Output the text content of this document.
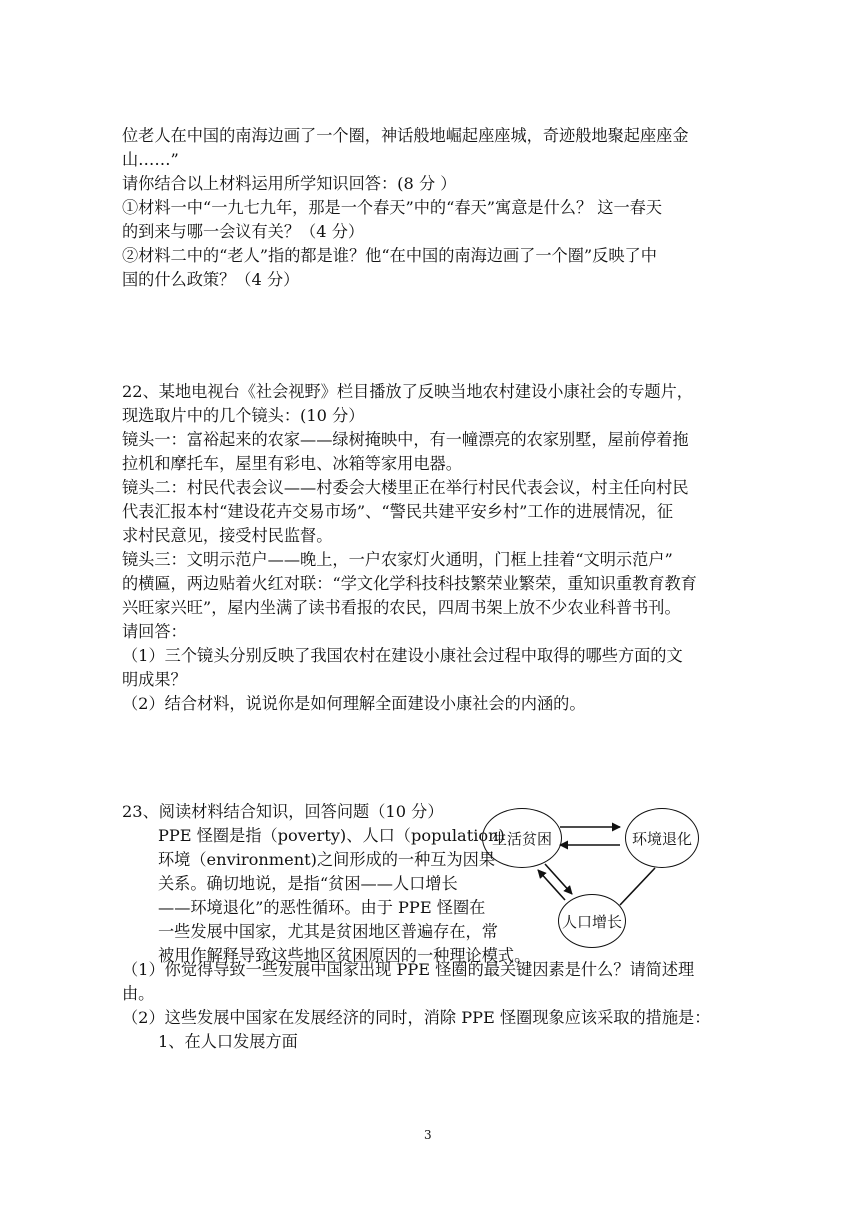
位老人在中国的南海边画了一个圈，神话般地崛起座座城，奇迹般地聚起座座金
山……”
请你结合以上材料运用所学知识回答：(8 分 ）
①材料一中“一九七九年，那是一个春天”中的“春天”寓意是什么？ 这一春天
的到来与哪一会议有关？（4 分）
②材料二中的“老人”指的都是谁？他“在中国的南海边画了一个圈”反映了中
国的什么政策？（4 分）
22、某地电视台《社会视野》栏目播放了反映当地农村建设小康社会的专题片，
现选取片中的几个镜头：(10 分）
镜头一：富裕起来的农家——绿树掩映中，有一幢漂亮的农家别墅，屋前停着拖
拉机和摩托车，屋里有彩电、冰箱等家用电器。
镜头二：村民代表会议——村委会大楼里正在举行村民代表会议，村主任向村民
代表汇报本村“建设花卉交易市场”、“警民共建平安乡村”工作的进展情况，征
求村民意见，接受村民监督。
镜头三：文明示范户——晚上，一户农家灯火通明，门框上挂着“文明示范户”
的横匾，两边贴着火红对联：“学文化学科技科技繁荣业繁荣，重知识重教育教育
兴旺家兴旺”，屋内坐满了读书看报的农民，四周书架上放不少农业科普书刊。
请回答：
（1）三个镜头分别反映了我国农村在建设小康社会过程中取得的哪些方面的文
明成果？
（2）结合材料，说说你是如何理解全面建设小康社会的内涵的。
23、阅读材料结合知识，回答问题（10 分）
PPE 怪圈是指（poverty)、人口（population)
环境（environment)之间形成的一种互为因果
关系。确切地说，是指“贫困——人口增长
——环境退化”的恶性循环。由于 PPE 怪圈在
一些发展中国家，尤其是贫困地区普遍存在，常
被用作解释导致这些地区贫困原因的一种理论模式。
生活贫困	环境退化
人口增长
（1）你觉得导致一些发展中国家出现 PPE 怪圈的最关键因素是什么？请简述理
由。
（2）这些发展中国家在发展经济的同时，消除 PPE 怪圈现象应该采取的措施是：
1、在人口发展方面
3
